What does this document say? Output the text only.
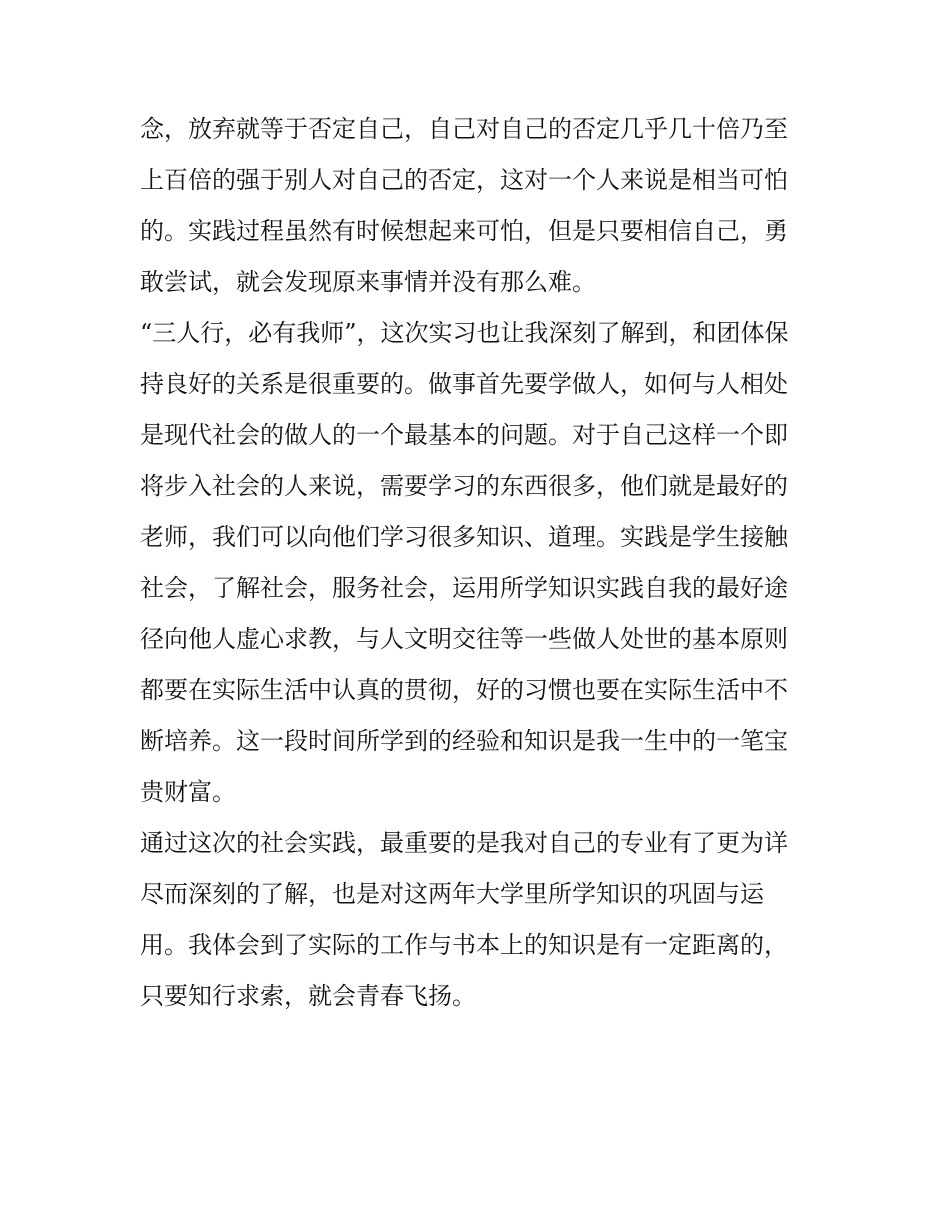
念，放弃就等于否定自己，自己对自己的否定几乎几十倍乃至
上百倍的强于别人对自己的否定，这对一个人来说是相当可怕
的。实践过程虽然有时候想起来可怕，但是只要相信自己，勇
敢尝试，就会发现原来事情并没有那么难。
“三人行，必有我师”，这次实习也让我深刻了解到，和团体保
持良好的关系是很重要的。做事首先要学做人，如何与人相处
是现代社会的做人的一个最基本的问题。对于自己这样一个即
将步入社会的人来说，需要学习的东西很多，他们就是最好的
老师，我们可以向他们学习很多知识、道理。实践是学生接触
社会，了解社会，服务社会，运用所学知识实践自我的最好途
径向他人虚心求教，与人文明交往等一些做人处世的基本原则
都要在实际生活中认真的贯彻，好的习惯也要在实际生活中不
断培养。这一段时间所学到的经验和知识是我一生中的一笔宝
贵财富。
通过这次的社会实践，最重要的是我对自己的专业有了更为详
尽而深刻的了解，也是对这两年大学里所学知识的巩固与运
用。我体会到了实际的工作与书本上的知识是有一定距离的，
只要知行求索，就会青春飞扬。
